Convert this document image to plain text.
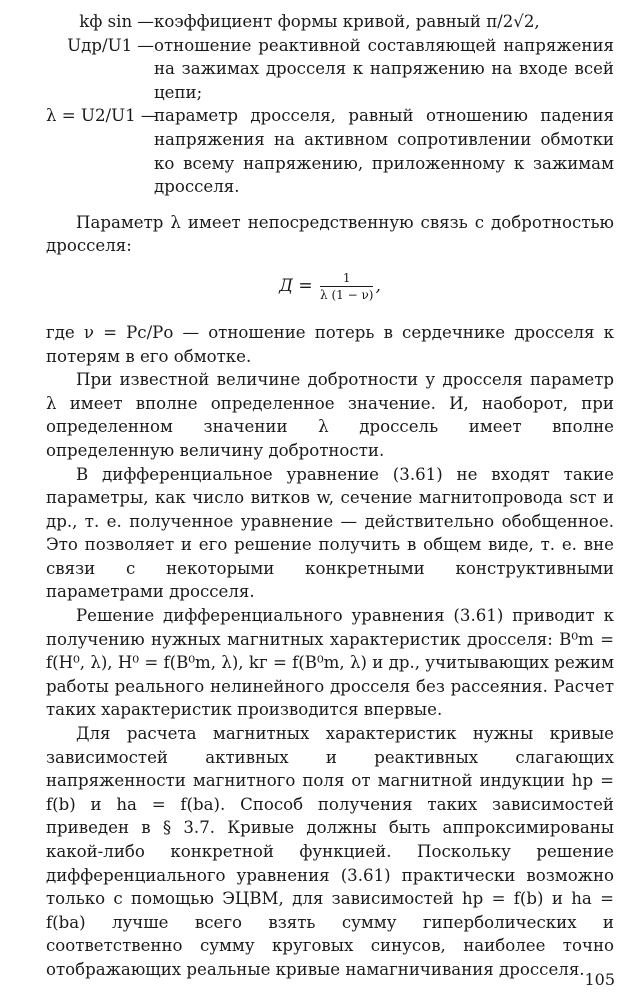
kф sin — коэффициент формы кривой, равный π/2√2,
Uдр/U1 — отношение реактивной составляющей напряжения на зажимах дросселя к напряжению на входе всей цепи;
λ = U2/U1 —
параметр дросселя, равный отношению падения напряжения на активном сопротивлении обмотки ко всему напряжению, приложенному к зажимам дросселя.

Параметр λ имеет непосредственную связь с добротностью дросселя:

$Д = \frac{1}{\lambda (1 - \nu)}$ ,

где ν = Pс/Pо — отношение потерь в сердечнике дросселя к потерям в его обмотке.

При известной величине добротности у дросселя параметр λ имеет вполне определенное значение. И, наоборот, при определенном значении λ дроссель имеет вполне определенную величину добротности.

В дифференциальное уравнение (3.61) не входят такие параметры, как число витков w, сечение магнитопровода sст и др., т. е. полученное уравнение — действительно обобщенное. Это позволяет и его решение получить в общем виде, т. е. вне связи с некоторыми конкретными конструктивными параметрами дросселя.

Решение дифференциального уравнения (3.61) приводит к получению нужных магнитных характеристик дросселя: B⁰m = f(H⁰, λ), H⁰ = f(B⁰m, λ), kг = f(B⁰m, λ) и др., учитывающих режим работы реального нелинейного дросселя без рассеяния. Расчет таких характеристик производится впервые.

Для расчета магнитных характеристик нужны кривые зависимостей активных и реактивных слагающих напряженности магнитного поля от магнитной индукции hр = f(b) и hа = f(bа). Способ получения таких зависимостей приведен в § 3.7. Кривые должны быть аппроксимированы какой-либо конкретной функцией. Поскольку решение дифференциального уравнения (3.61) практически возможно только с помощью ЭЦВМ, для зависимостей hр = f(b) и hа = f(bа) лучше всего взять сумму гиперболических и соответственно сумму круговых синусов, наиболее точно отображающих реальные кривые намагничивания дросселя.

105
